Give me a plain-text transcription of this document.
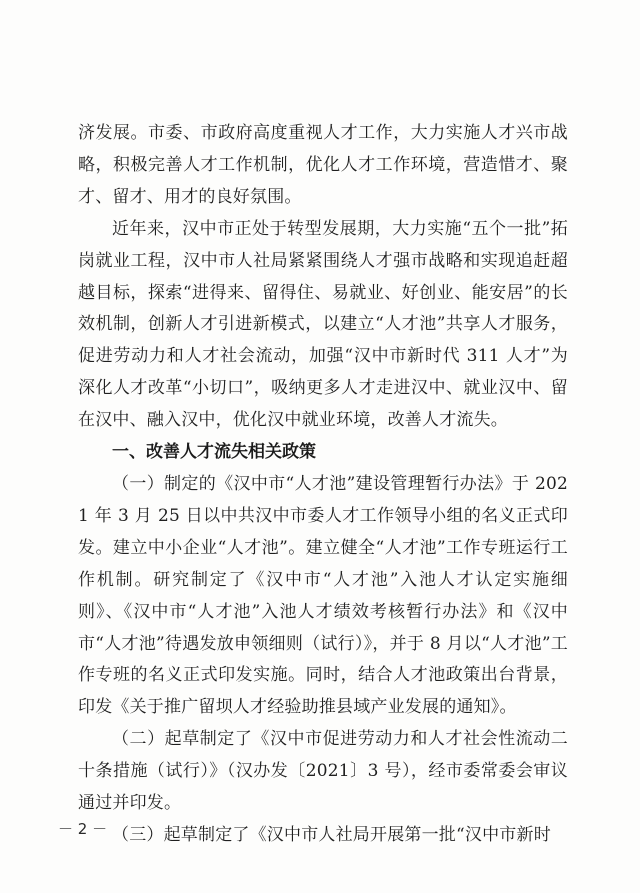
济发展。市委、市政府高度重视人才工作，大力实施人才兴市战略，积极完善人才工作机制，优化人才工作环境，营造惜才、聚才、留才、用才的良好氛围。

近年来，汉中市正处于转型发展期，大力实施“五个一批”拓岗就业工程，汉中市人社局紧紧围绕人才强市战略和实现追赶超越目标，探索“进得来、留得住、易就业、好创业、能安居”的长效机制，创新人才引进新模式，以建立“人才池”共享人才服务，促进劳动力和人才社会流动，加强“汉中市新时代 311 人才”为深化人才改革“小切口”，吸纳更多人才走进汉中、就业汉中、留在汉中、融入汉中，优化汉中就业环境，改善人才流失。

一、改善人才流失相关政策

（一）制定的《汉中市“人才池”建设管理暂行办法》于 2021 年 3 月 25 日以中共汉中市委人才工作领导小组的名义正式印发。建立中小企业“人才池”。建立健全“人才池”工作专班运行工作机制。研究制定了《汉中市“人才池”入池人才认定实施细则》、《汉中市“人才池”入池人才绩效考核暂行办法》和《汉中市“人才池”待遇发放申领细则（试行）》，并于 8 月以“人才池”工作专班的名义正式印发实施。同时，结合人才池政策出台背景，印发《关于推广留坝人才经验助推县域产业发展的通知》。

（二）起草制定了《汉中市促进劳动力和人才社会性流动二十条措施（试行）》（汉办发〔2021〕3 号），经市委常委会审议通过并印发。

（三）起草制定了《汉中市人社局开展第一批“汉中市新时

－ 2 －
